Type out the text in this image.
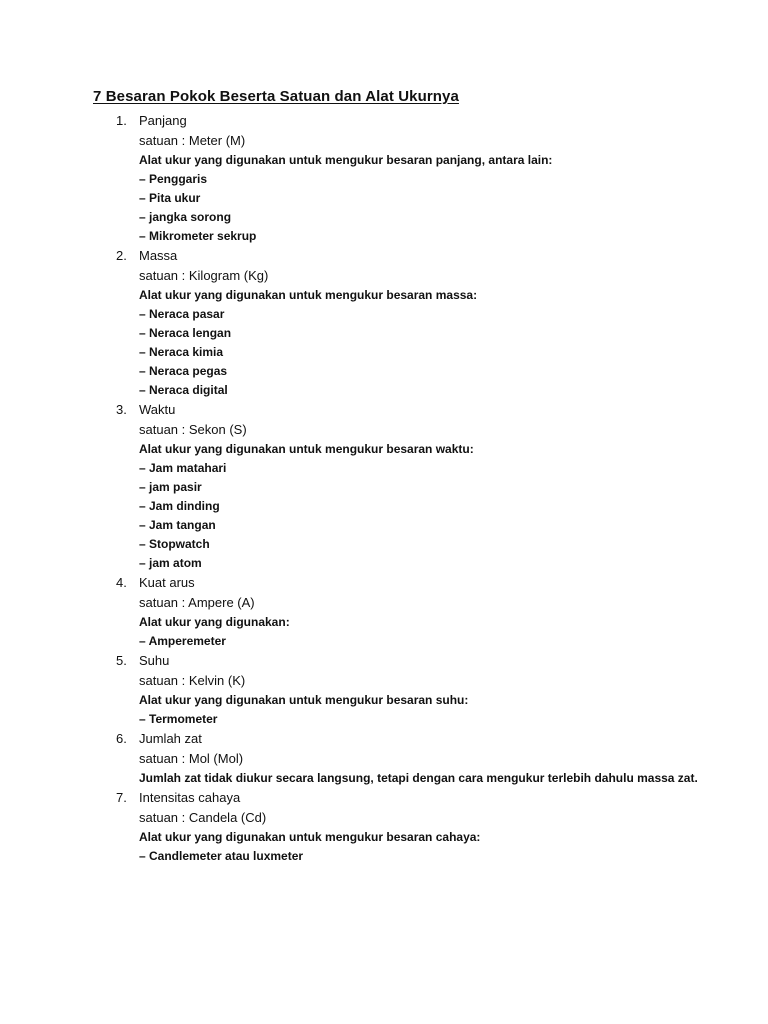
7 Besaran Pokok Beserta Satuan dan Alat Ukurnya
1. Panjang
satuan : Meter (M)
Alat ukur yang digunakan untuk mengukur besaran panjang, antara lain:
– Penggaris
– Pita ukur
– jangka sorong
– Mikrometer sekrup
2. Massa
satuan : Kilogram (Kg)
Alat ukur yang digunakan untuk mengukur besaran massa:
– Neraca pasar
– Neraca lengan
– Neraca kimia
– Neraca pegas
– Neraca digital
3. Waktu
satuan : Sekon (S)
Alat ukur yang digunakan untuk mengukur besaran waktu:
– Jam matahari
– jam pasir
– Jam dinding
– Jam tangan
– Stopwatch
– jam atom
4. Kuat arus
satuan : Ampere (A)
Alat ukur yang digunakan:
– Amperemeter
5. Suhu
satuan : Kelvin (K)
Alat ukur yang digunakan untuk mengukur besaran suhu:
– Termometer
6. Jumlah zat
satuan : Mol (Mol)
Jumlah zat tidak diukur secara langsung, tetapi dengan cara mengukur terlebih dahulu massa zat.
7. Intensitas cahaya
satuan : Candela (Cd)
Alat ukur yang digunakan untuk mengukur besaran cahaya:
– Candlemeter atau luxmeter
